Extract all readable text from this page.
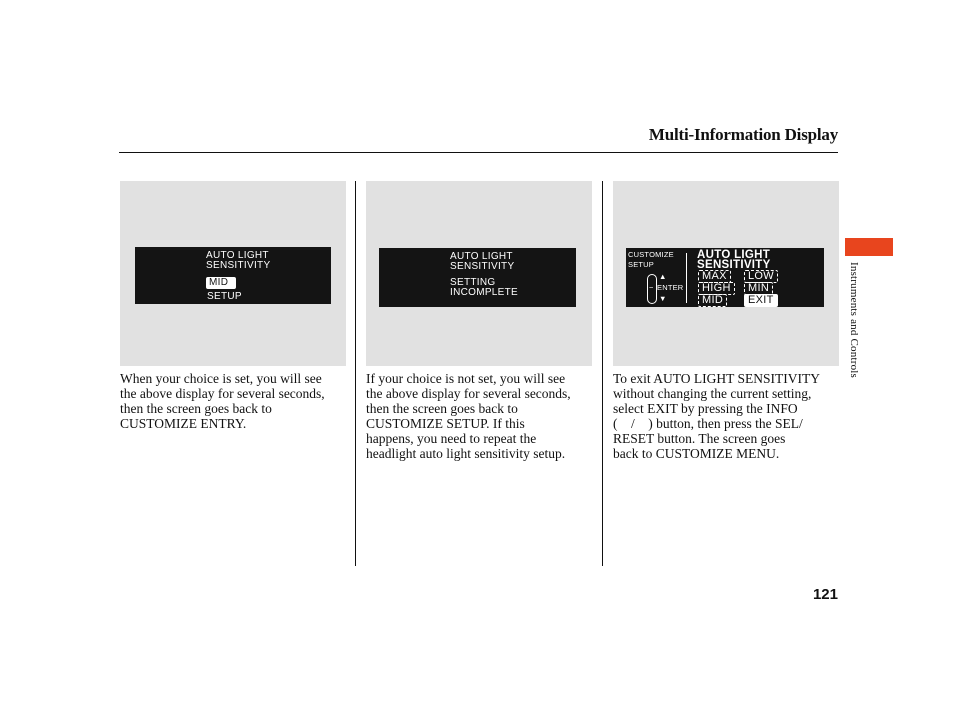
Multi-Information Display
AUTO LIGHT
SENSITIVITY
MID
SETUP
AUTO LIGHT
SENSITIVITY
SETTING
INCOMPLETE
CUSTOMIZE
SETUP
−
▲
ENTER
▼
AUTO LIGHT
SENSITIVITY
MAX	LOW
HIGH	MIN
MID	EXIT
When your choice is set, you will see
the above display for several seconds,
then the screen goes back to
CUSTOMIZE ENTRY.
If your choice is not set, you will see
the above display for several seconds,
then the screen goes back to
CUSTOMIZE SETUP. If this
happens, you need to repeat the
headlight auto light sensitivity setup.
To exit AUTO LIGHT SENSITIVITY
without changing the current setting,
select EXIT by pressing the INFO
(    /    ) button, then press the SEL/
RESET button. The screen goes
back to CUSTOMIZE MENU.
Instruments and Controls
121
